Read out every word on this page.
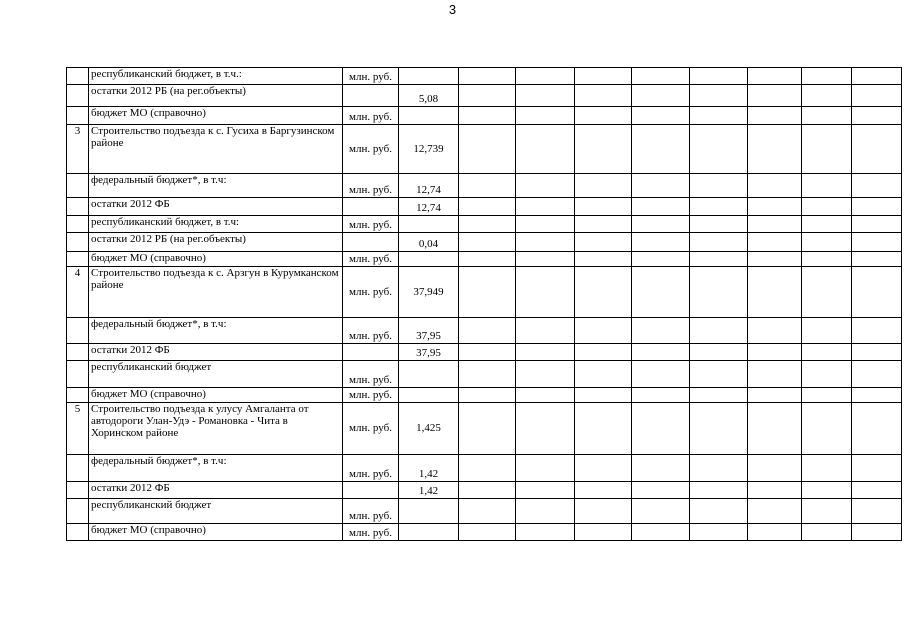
3
	республиканский бюджет, в т.ч.:	млн. руб.									
	остатки 2012 РБ (на рег.объекты)		5,08								
	бюджет МО (справочно)	млн. руб.									
3	Строительство подъезда к с. Гусиха в Баргузинском районе	млн. руб.	12,739								
	федеральный бюджет*, в т.ч:	млн. руб.	12,74								
	остатки 2012 ФБ		12,74								
	республиканский бюджет, в т.ч:	млн. руб.									
	остатки 2012 РБ (на рег.объекты)		0,04								
	бюджет МО (справочно)	млн. руб.									
4	Строительство подъезда к с. Арзгун в Курумканском районе	млн. руб.	37,949								
	федеральный бюджет*, в т.ч:	млн. руб.	37,95								
	остатки 2012 ФБ		37,95								
	республиканский бюджет	млн. руб.									
	бюджет МО (справочно)	млн. руб.									
5	Строительство подъезда к улусу Амгаланта от автодороги Улан-Удэ - Романовка - Чита в Хоринском районе	млн. руб.	1,425								
	федеральный бюджет*, в т.ч:	млн. руб.	1,42								
	остатки 2012 ФБ		1,42								
	республиканский бюджет	млн. руб.									
	бюджет МО (справочно)	млн. руб.									
